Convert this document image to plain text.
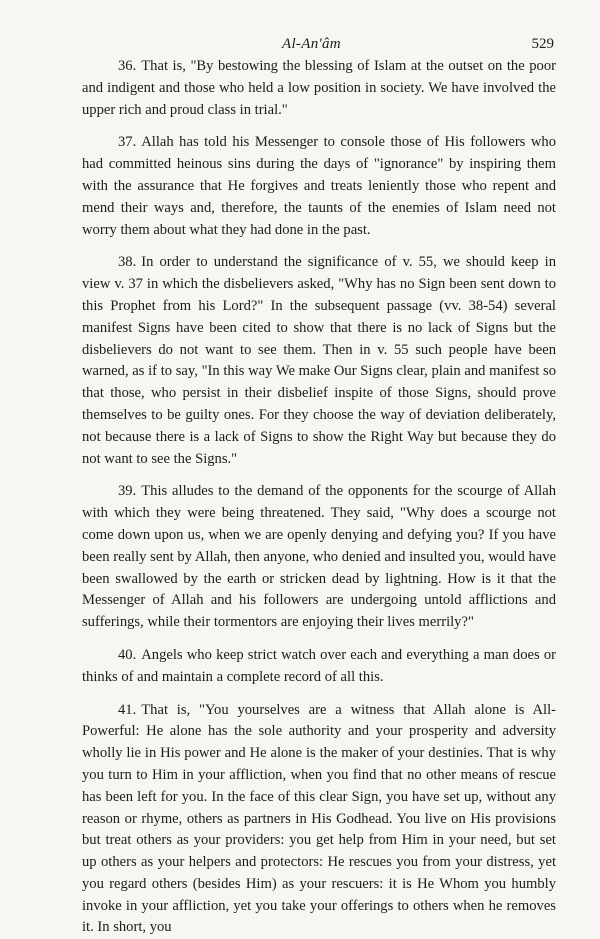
Al-An'âm	529

36. That is, "By bestowing the blessing of Islam at the outset on the poor and indigent and those who held a low position in society. We have involved the upper rich and proud class in trial."

37. Allah has told his Messenger to console those of His followers who had committed heinous sins during the days of "ignorance" by inspiring them with the assurance that He forgives and treats leniently those who repent and mend their ways and, therefore, the taunts of the enemies of Islam need not worry them about what they had done in the past.

38. In order to understand the significance of v. 55, we should keep in view v. 37 in which the disbelievers asked, "Why has no Sign been sent down to this Prophet from his Lord?" In the subsequent passage (vv. 38-54) several manifest Signs have been cited to show that there is no lack of Signs but the disbelievers do not want to see them. Then in v. 55 such people have been warned, as if to say, "In this way We make Our Signs clear, plain and manifest so that those, who persist in their disbelief inspite of those Signs, should prove themselves to be guilty ones. For they choose the way of deviation deliberately, not because there is a lack of Signs to show the Right Way but because they do not want to see the Signs."

39. This alludes to the demand of the opponents for the scourge of Allah with which they were being threatened. They said, "Why does a scourge not come down upon us, when we are openly denying and defying you? If you have been really sent by Allah, then anyone, who denied and insulted you, would have been swallowed by the earth or stricken dead by lightning. How is it that the Messenger of Allah and his followers are undergoing untold afflictions and sufferings, while their tormentors are enjoying their lives merrily?"

40. Angels who keep strict watch over each and everything a man does or thinks of and maintain a complete record of all this.

41. That is, "You yourselves are a witness that Allah alone is All-Powerful: He alone has the sole authority and your prosperity and adversity wholly lie in His power and He alone is the maker of your destinies. That is why you turn to Him in your affliction, when you find that no other means of rescue has been left for you. In the face of this clear Sign, you have set up, without any reason or rhyme, others as partners in His Godhead. You live on His provisions but treat others as your providers: you get help from Him in your need, but set up others as your helpers and protectors: He rescues you from your distress, yet you regard others (besides Him) as your rescuers: it is He Whom you humbly invoke in your affliction, yet you take your offerings to others when he removes it. In short, you
